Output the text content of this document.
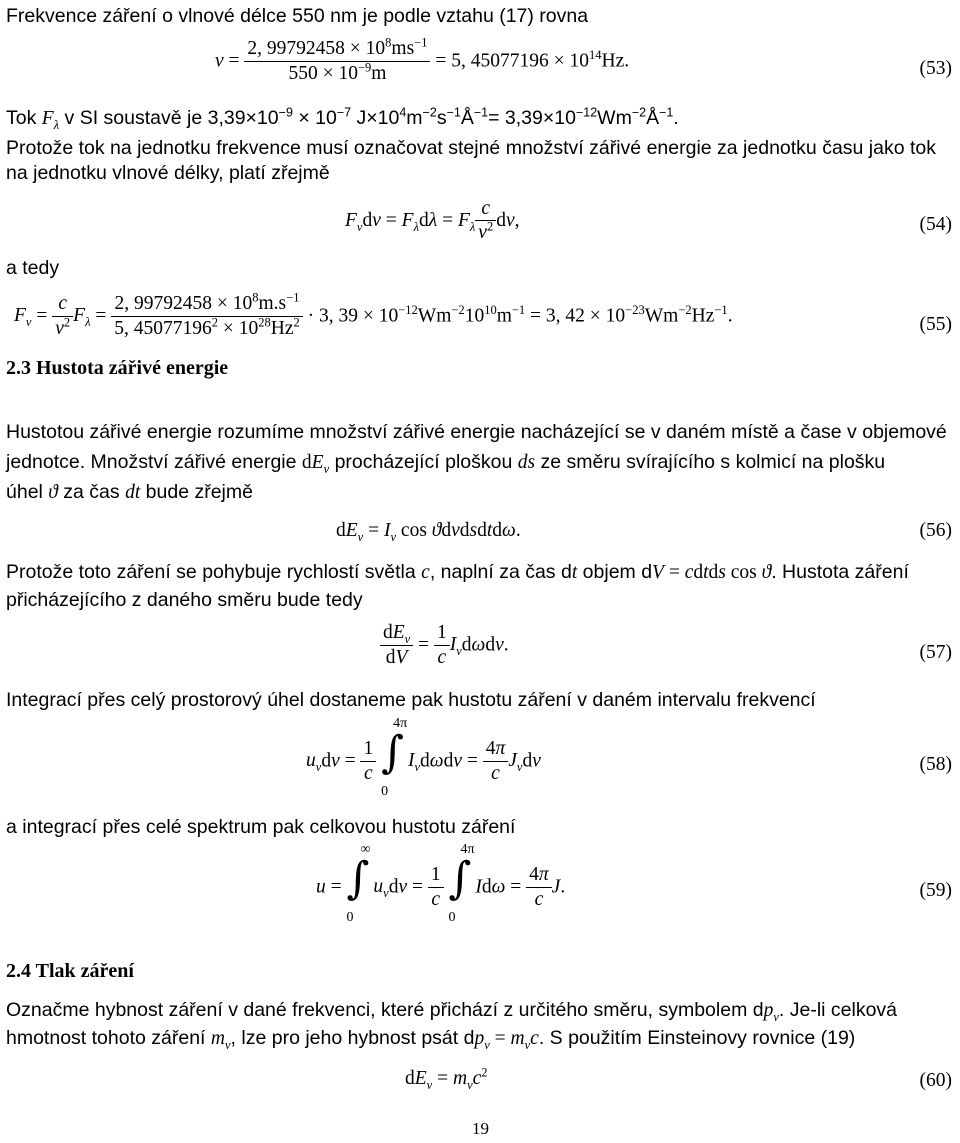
Frekvence záření o vlnové délce 550 nm je podle vztahu (17) rovna
$\nu = \frac{2, 99792458 \times 10^8ms^{-1}}{550 \times 10^{-9}m} = 5$, $45077196 \times 10^{14}Hz$.	(53)
Tok $F_\lambda$ v SI soustavě je $3,39\times 10^{-9} \times 10^{-7}$ $J\times 10^4m^{-2}s^{-1}Å^{-1}=$ $3,39\times 10^{-12}Wm^{-2}Å^{-1}$.
Protože tok na jednotku frekvence musí označovat stejné množství zářivé energie za jednotku času jako tok na jednotku vlnové délky, platí zřejmě
$F_\nu d\nu = F_\lambda d\lambda = F_\lambda \frac{c}{\nu^2} d\nu$,	(54)
a tedy
$F_\nu = \frac{c}{\nu^2} F_\lambda = \frac{2, 99792458 \times 10^8m.s^{-1}}{5, 45077196^2 \times 10^{28}Hz^2} \cdot 3$, $39 \times 10^{-12}Wm^{-2}10^{10}m^{-1} = 3$, $42 \times 10^{-23}Wm^{-2}Hz^{-1}$.	(55)
2.3 Hustota zářivé energie
Hustotou zářivé energie rozumíme množství zářivé energie nacházející se v daném místě a čase v objemové
jednotce. Množství zářivé energie $dE_\nu$ procházející ploškou ds ze směru svírajícího s kolmicí na plošku
úhel ϑ za čas dt bude zřejmě
$dE_\nu = I_\nu$ cos ϑdνdsdtdω.	(56)
Protože toto záření se pohybuje rychlostí světla c, naplní za čas dt objem dV = cdtds cos ϑ. Hustota záření
přicházejícího z daného směru bude tedy
$\frac{dE_\nu}{dV} = \frac{1}{c} I_\nu d\omega d\nu$.	(57)
Integrací přes celý prostorový úhel dostaneme pak hustotu záření v daném intervalu frekvencí
$u_\nu d\nu = \frac{1}{c}$
∫
4π
0
$I_\nu d\omega d\nu = \frac{4\pi}{c} J_\nu d\nu$	(58)
a integrací přes celé spektrum pak celkovou hustotu záření
u = ∫
∞
0
$u_\nu d\nu = \frac{1}{c}$
∫
4π
0
$Id\omega = \frac{4\pi}{c} J$.	(59)
2.4 Tlak záření
Označme hybnost záření v dané frekvenci, které přichází z určitého směru, symbolem $dp_\nu$. Je-li celková
hmotnost tohoto záření $m_\nu$, lze pro jeho hybnost psát $dp_\nu = m_\nu c$. S použitím Einsteinovy rovnice (19)
$dE_\nu = m_\nu c^2$	(60)
19
